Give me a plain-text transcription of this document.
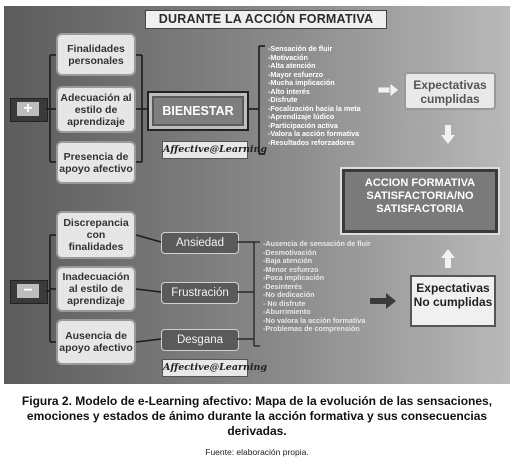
DURANTE LA ACCIÓN FORMATIVA
+
Finalidades personales
Adecuación al estilo de aprendizaje
Presencia de apoyo afectivo
BIENESTAR
Affective@Learning
−
Discrepancia con finalidades
Inadecuación al estilo de aprendizaje
Ausencia de apoyo afectivo
Ansiedad
Frustración
Desgana
Affective@Learning
-Sensación de fluir
-Motivación
-Alta atención
-Mayor esfuerzo
-Mucha implicación
-Alto interés
-Disfrute
-Focalización hacia la meta
-Aprendizaje lúdico
-Participación activa
-Valora la acción formativa
-Resultados reforzadores
-Ausencia de sensación de fluir
-Desmotivación
-Baja atención
-Menor esfuerzo
-Poca implicación
-Desinterés
-No dedicación
- No disfrute
-Aburrimiento
-No valora la acción formativa
-Problemas de comprensión
Expectativas cumplidas
ACCION FORMATIVA SATISFACTORIA/NO SATISFACTORIA
Expectativas No cumplidas
Figura 2. Modelo de e-Learning afectivo: Mapa de la evolución de las sensaciones, emociones y estados de ánimo durante la acción formativa y sus consecuencias derivadas.
Fuente: elaboración propia.
